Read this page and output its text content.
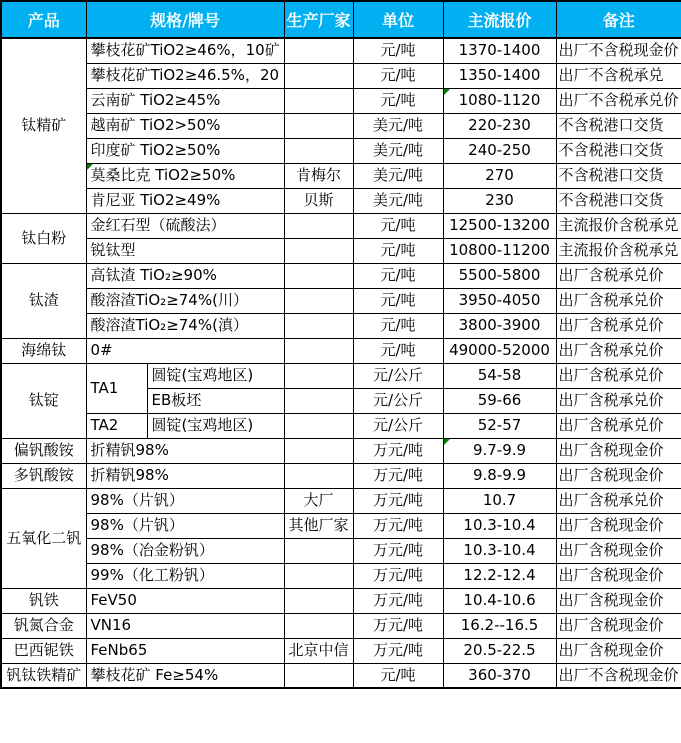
产品	规格/牌号		生产厂家	单位	主流报价	备注
钛精矿	攀枝花矿TiO2≥46%，10矿			元/吨	1370-1400	出厂不含税现金价
	攀枝花矿TiO2≥46.5%，20			元/吨	1350-1400	出厂不含税承兑
	云南矿 TiO2≥45%			元/吨	1080-1120	出厂不含税承兑价
	越南矿 TiO2>50%			美元/吨	220-230	不含税港口交货
	印度矿 TiO2≥50%			美元/吨	240-250	不含税港口交货
	莫桑比克 TiO2≥50%		肯梅尔	美元/吨	270	不含税港口交货
	肯尼亚 TiO2≥49%		贝斯	美元/吨	230	不含税港口交货
钛白粉	金红石型（硫酸法）			元/吨	12500-13200	主流报价含税承兑
	锐钛型			元/吨	10800-11200	主流报价含税承兑
钛渣	高钛渣 TiO₂≥90%			元/吨	5500-5800	出厂含税承兑价
	酸溶渣TiO₂≥74%(川）			元/吨	3950-4050	出厂含税承兑价
	酸溶渣TiO₂≥74%(滇）			元/吨	3800-3900	出厂含税承兑价
海绵钛	0#			元/吨	49000-52000	出厂含税承兑价
钛锭	TA1	圆锭(宝鸡地区)		元/公斤	54-58	出厂含税承兑价
		EB板坯		元/公斤	59-66	出厂含税承兑价
	TA2	圆锭(宝鸡地区)		元/公斤	52-57	出厂含税承兑价
偏钒酸铵	折精钒98%			万元/吨	9.7-9.9	出厂含税现金价
多钒酸铵	折精钒98%			万元/吨	9.8-9.9	出厂含税现金价
五氧化二钒	98%（片钒）		大厂	万元/吨	10.7	出厂含税承兑价
	98%（片钒）		其他厂家	万元/吨	10.3-10.4	出厂含税现金价
	98%（冶金粉钒）			万元/吨	10.3-10.4	出厂含税现金价
	99%（化工粉钒）			万元/吨	12.2-12.4	出厂含税现金价
钒铁	FeV50			万元/吨	10.4-10.6	出厂含税现金价
钒氮合金	VN16			万元/吨	16.2--16.5	出厂含税现金价
巴西铌铁	FeNb65		北京中信	万元/吨	20.5-22.5	出厂含税现金价
钒钛铁精矿	攀枝花矿 Fe≥54%			元/吨	360-370	出厂不含税现金价
